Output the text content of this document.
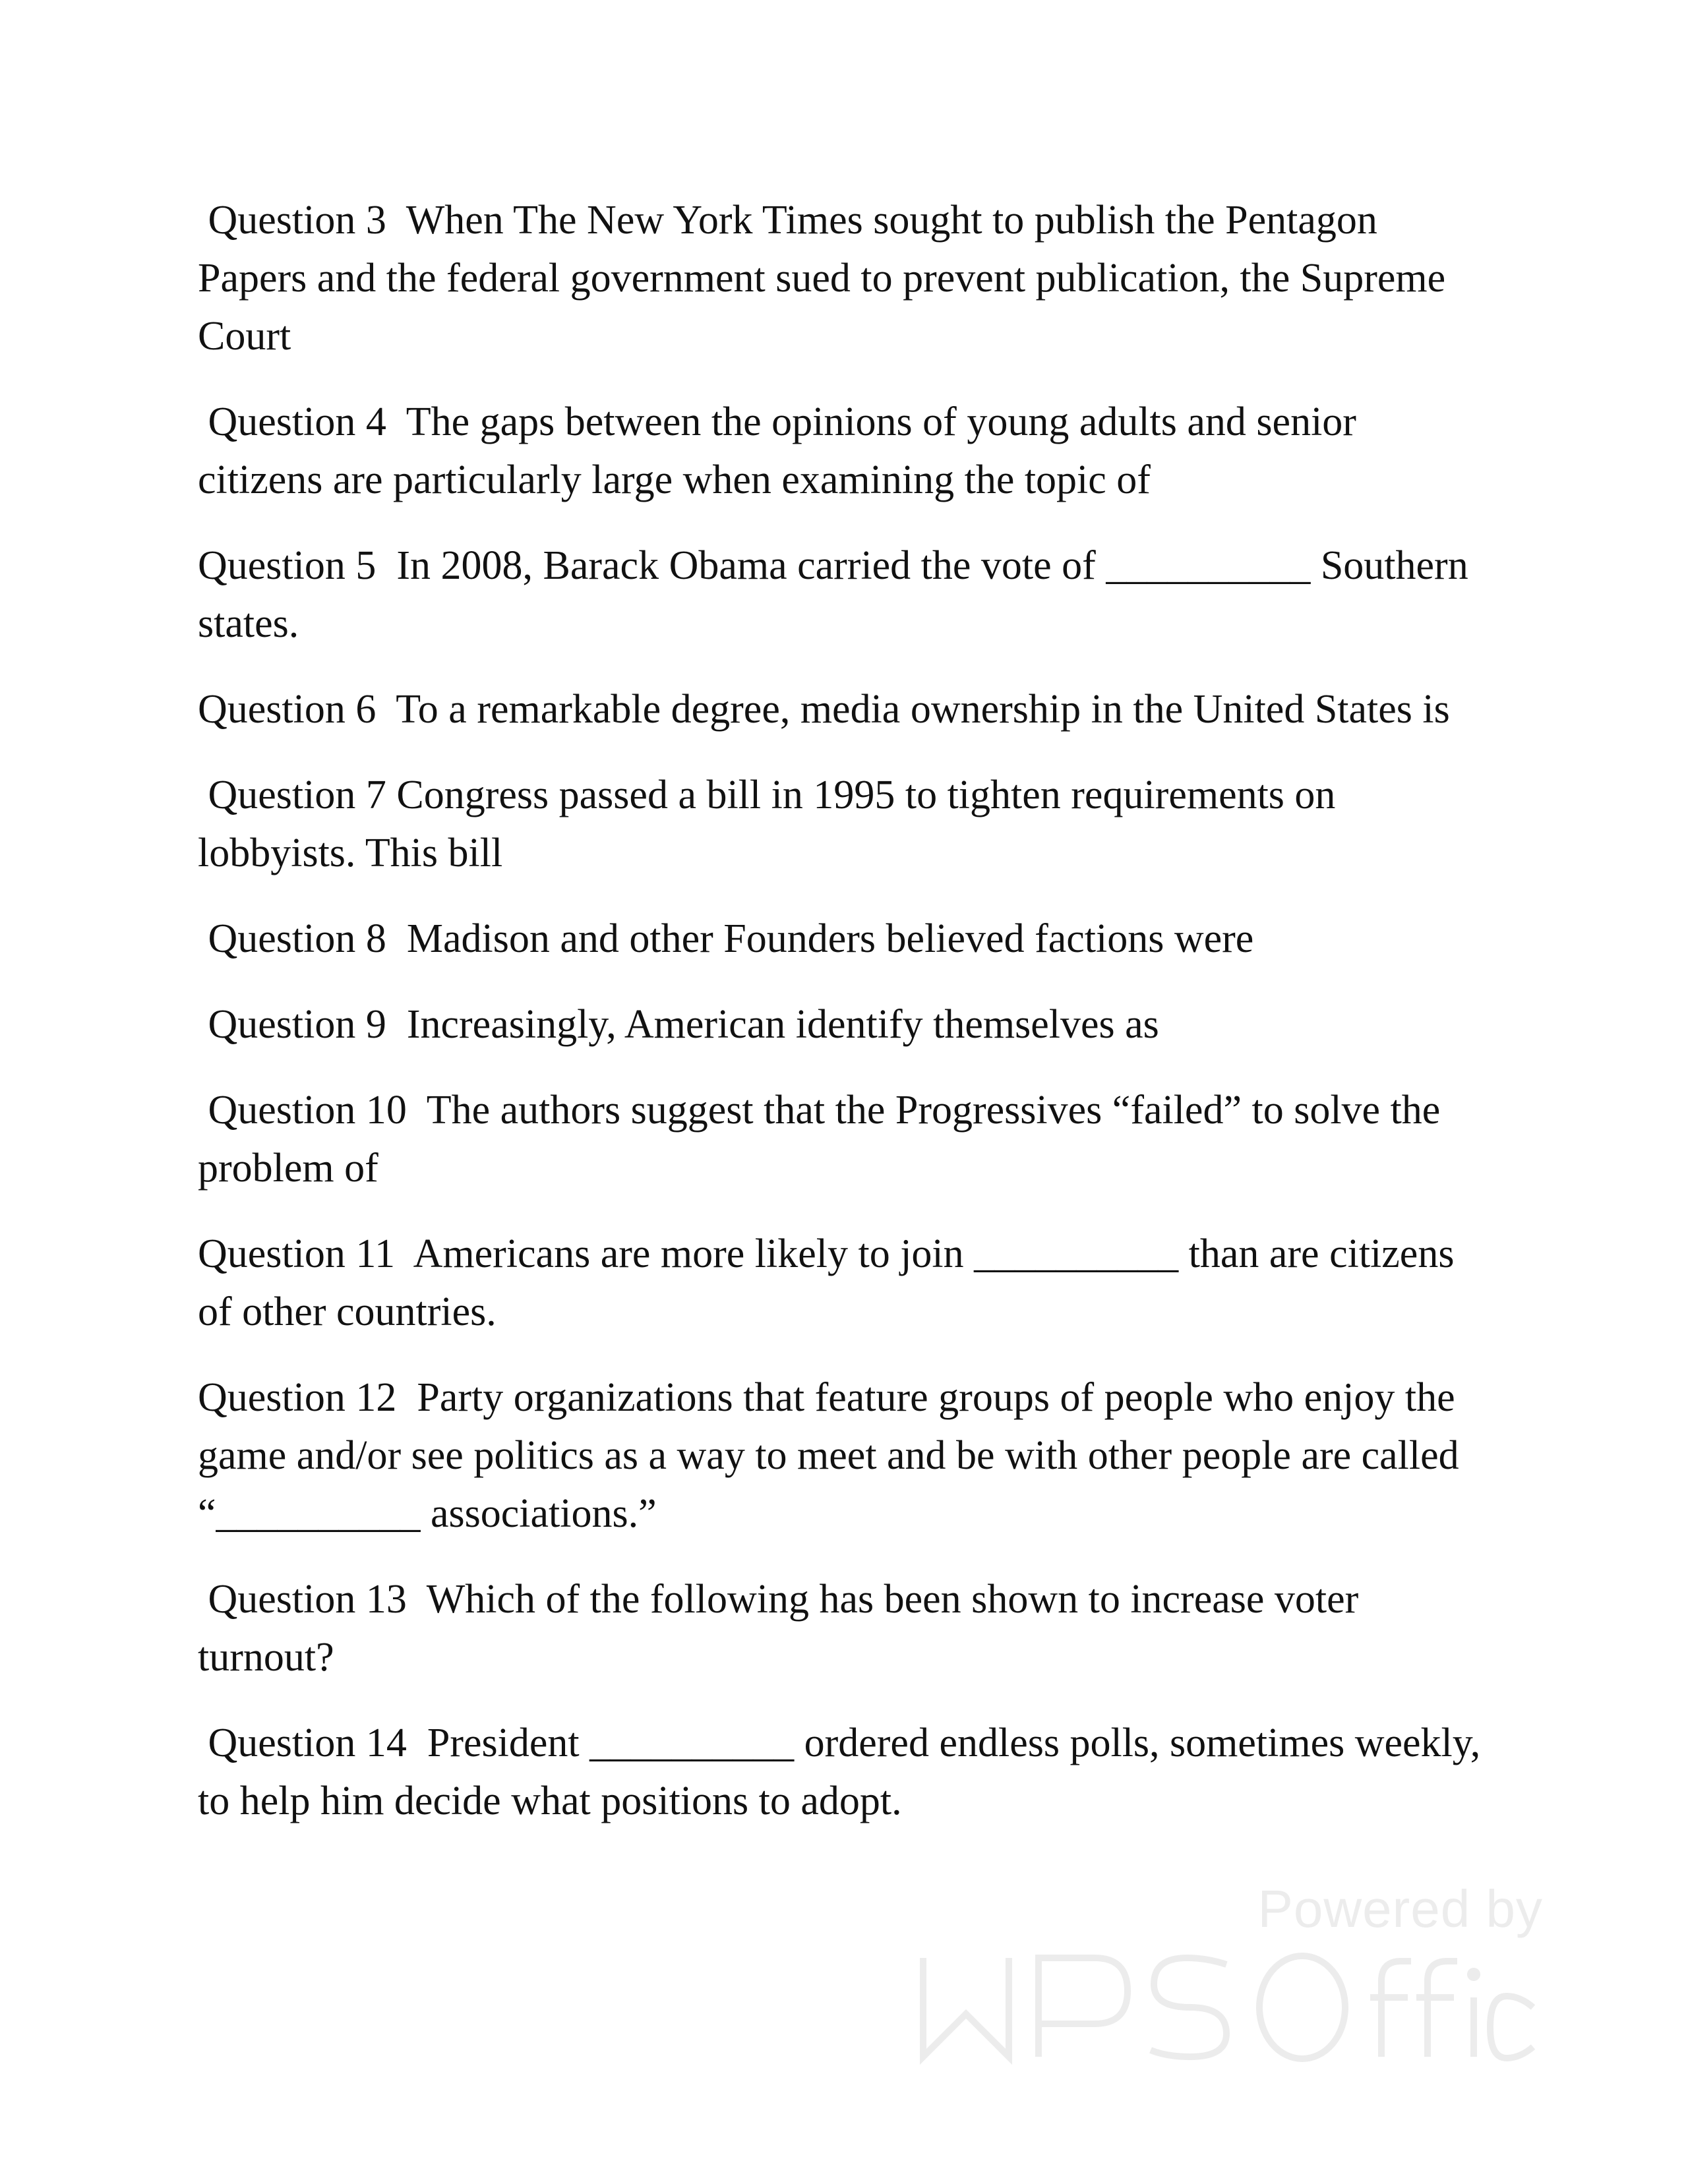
Question 3  When The New York Times sought to publish the Pentagon Papers and the federal government sued to prevent publication, the Supreme Court

Question 4  The gaps between the opinions of young adults and senior citizens are particularly large when examining the topic of

Question 5  In 2008, Barack Obama carried the vote of __________ Southern states.

Question 6  To a remarkable degree, media ownership in the United States is

Question 7 Congress passed a bill in 1995 to tighten requirements on lobbyists. This bill

Question 8  Madison and other Founders believed factions were

Question 9  Increasingly, American identify themselves as

Question 10  The authors suggest that the Progressives “failed” to solve the problem of

Question 11  Americans are more likely to join __________ than are citizens of other countries.

Question 12  Party organizations that feature groups of people who enjoy the game and/or see politics as a way to meet and be with other people are called “__________ associations.”

Question 13  Which of the following has been shown to increase voter turnout?

Question 14  President __________ ordered endless polls, sometimes weekly, to help him decide what positions to adopt.

Powered by
